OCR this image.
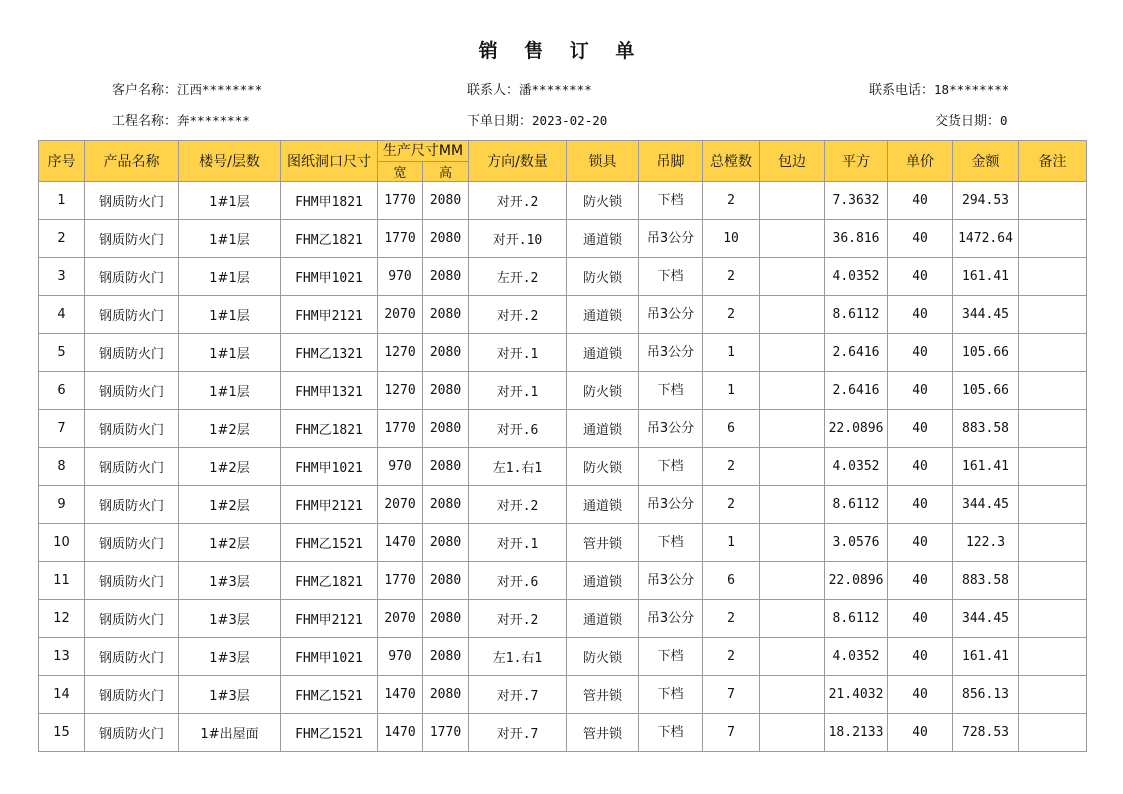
销 售 订 单
客户名称：江西********	联系人：潘********	联系电话：18********
工程名称：奔********	下单日期：2023-02-20	交货日期：0
序号	产品名称	楼号/层数	图纸洞口尺寸	生产尺寸MM		方向/数量	锁具	吊脚	总樘数	包边	平方	单价	金额	备注
				宽	高									
1	钢质防火门	1#1层	FHM甲1821	1770	2080	对开.2	防火锁	下档	2		7.3632	40	294.53	
2	钢质防火门	1#1层	FHM乙1821	1770	2080	对开.10	通道锁	吊3公分	10		36.816	40	1472.64	
3	钢质防火门	1#1层	FHM甲1021	970	2080	左开.2	防火锁	下档	2		4.0352	40	161.41	
4	钢质防火门	1#1层	FHM甲2121	2070	2080	对开.2	通道锁	吊3公分	2		8.6112	40	344.45	
5	钢质防火门	1#1层	FHM乙1321	1270	2080	对开.1	通道锁	吊3公分	1		2.6416	40	105.66	
6	钢质防火门	1#1层	FHM甲1321	1270	2080	对开.1	防火锁	下档	1		2.6416	40	105.66	
7	钢质防火门	1#2层	FHM乙1821	1770	2080	对开.6	通道锁	吊3公分	6		22.0896	40	883.58	
8	钢质防火门	1#2层	FHM甲1021	970	2080	左1.右1	防火锁	下档	2		4.0352	40	161.41	
9	钢质防火门	1#2层	FHM甲2121	2070	2080	对开.2	通道锁	吊3公分	2		8.6112	40	344.45	
10	钢质防火门	1#2层	FHM乙1521	1470	2080	对开.1	管井锁	下档	1		3.0576	40	122.3	
11	钢质防火门	1#3层	FHM乙1821	1770	2080	对开.6	通道锁	吊3公分	6		22.0896	40	883.58	
12	钢质防火门	1#3层	FHM甲2121	2070	2080	对开.2	通道锁	吊3公分	2		8.6112	40	344.45	
13	钢质防火门	1#3层	FHM甲1021	970	2080	左1.右1	防火锁	下档	2		4.0352	40	161.41	
14	钢质防火门	1#3层	FHM乙1521	1470	2080	对开.7	管井锁	下档	7		21.4032	40	856.13	
15	钢质防火门	1#出屋面	FHM乙1521	1470	1770	对开.7	管井锁	下档	7		18.2133	40	728.53	
